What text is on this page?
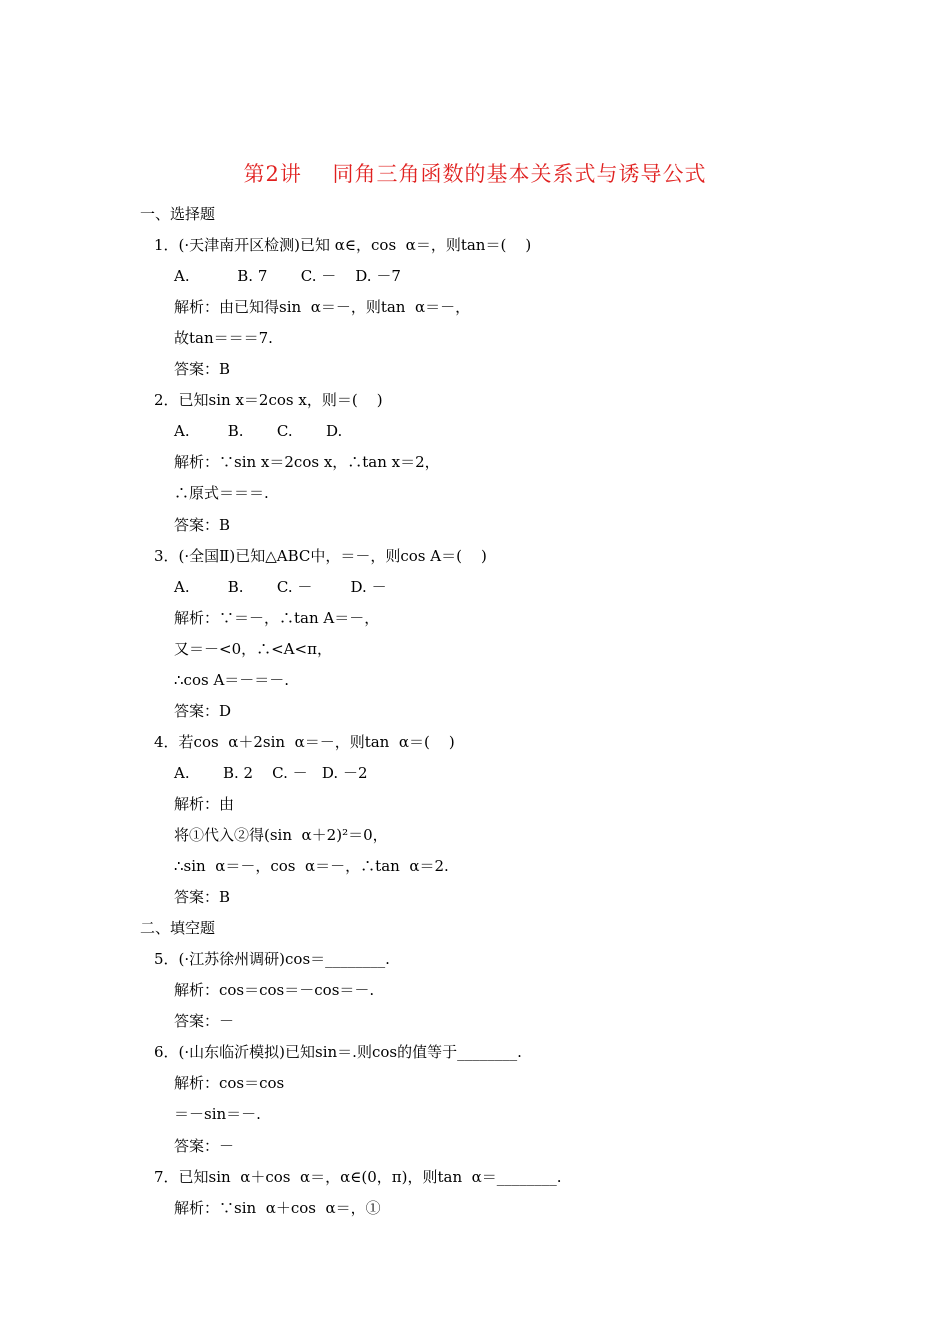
第2讲    同角三角函数的基本关系式与诱导公式
一、选择题
1．(·天津南开区检测)已知 α∈，cos  α＝，则tan＝(    )
A.          B. 7       C. －    D. －7
解析：由已知得sin  α＝－，则tan  α＝－，
故tan＝＝＝7.
答案：B
2．已知sin x＝2cos x，则＝(    )
A.        B.       C.       D.
解析：∵sin x＝2cos x，∴tan x＝2，
∴原式＝＝＝.
答案：B
3．(·全国Ⅱ)已知△ABC中，＝－，则cos A＝(    )
A.        B.       C. －        D. －
解析：∵＝－，∴tan A＝－，
又＝－<0，∴<A<π，
∴cos A＝－＝－.
答案：D
4．若cos  α＋2sin  α＝－，则tan  α＝(    )
A.       B. 2    C. －   D. －2
解析：由
将①代入②得(sin  α＋2)²＝0，
∴sin  α＝－，cos  α＝－，∴tan  α＝2.
答案：B
二、填空题
5．(·江苏徐州调研)cos＝________.
解析：cos＝cos＝－cos＝－.
答案：－
6．(·山东临沂模拟)已知sin＝.则cos的值等于________.
解析：cos＝cos
＝－sin＝－.
答案：－
7．已知sin  α＋cos  α＝，α∈(0，π)，则tan  α＝________.
解析：∵sin  α＋cos  α＝，①
